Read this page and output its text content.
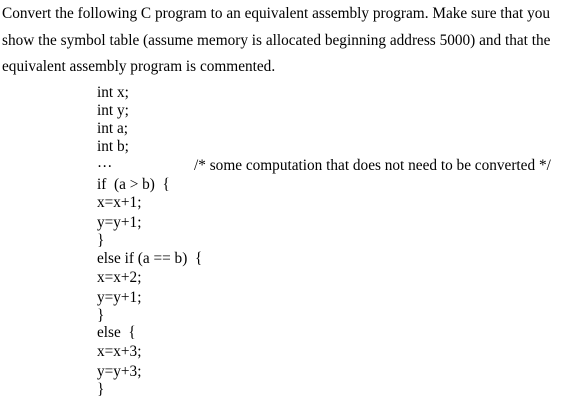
Convert the following C program to an equivalent assembly program. Make sure that you
show the symbol table (assume memory is allocated beginning address 5000) and that the
equivalent assembly program is commented.

int x;
int y;
int a;
int b;
…	/* some computation that does not need to be converted */
if  (a > b)  {
x=x+1;
y=y+1;
}
else if (a == b)  {
x=x+2;
y=y+1;
}
else  {
x=x+3;
y=y+3;
}
